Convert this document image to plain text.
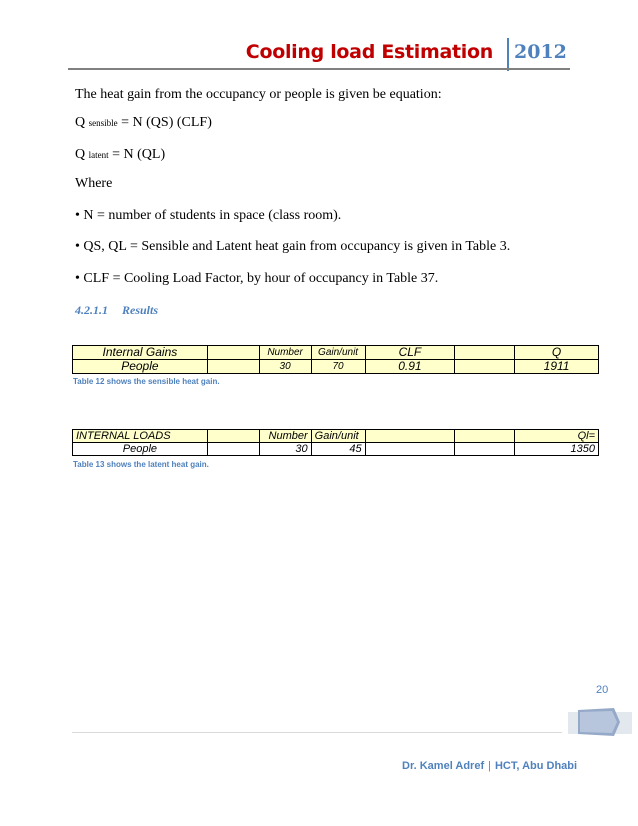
Cooling load Estimation 2012
The heat gain from the occupancy or people is given be equation:
Q sensible = N (QS) (CLF)
Q latent = N (QL)
Where
• N = number of students in space (class room).
• QS, QL = Sensible and Latent heat gain from occupancy is given in Table 3.
• CLF = Cooling Load Factor, by hour of occupancy in Table 37.
4.2.1.1 Results
Internal Gains		Number	Gain/unit	CLF		Q
People		30	70	0.91		1911
Table 12 shows the sensible heat gain.
INTERNAL LOADS		Number	Gain/unit			Ql=
People		30	45			1350
Table 13 shows the latent heat gain.
20
Dr. Kamel Adref | HCT, Abu Dhabi
